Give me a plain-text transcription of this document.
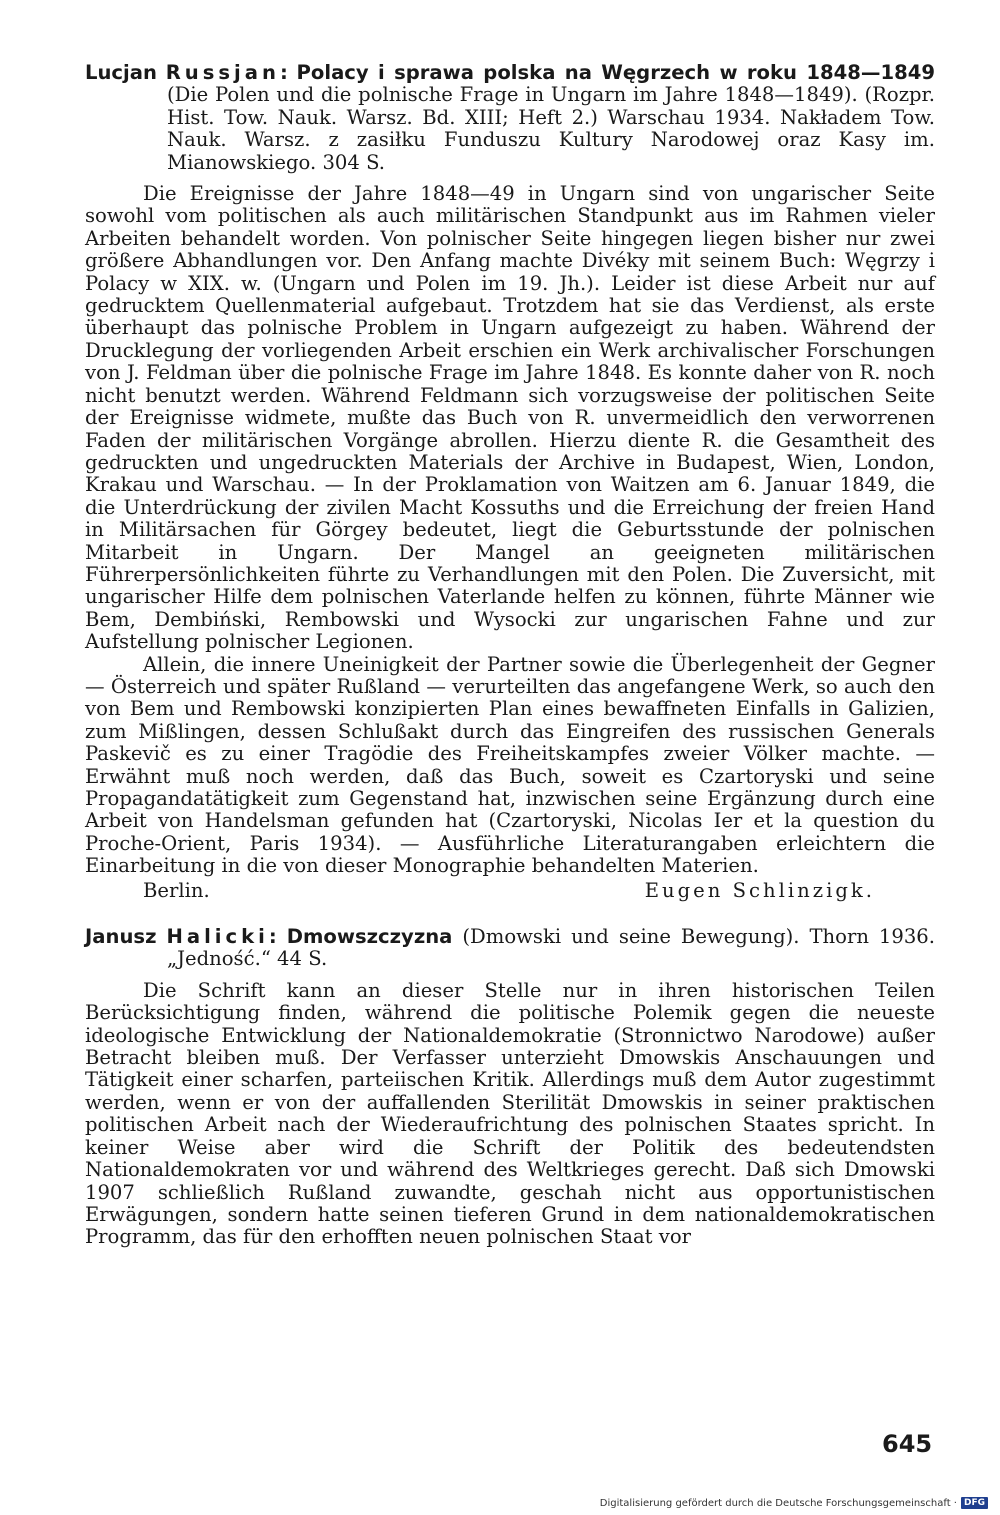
Lucjan Russjan: Polacy i sprawa polska na Węgrzech w roku 1848—1849 (Die Polen und die polnische Frage in Ungarn im Jahre 1848—1849). (Rozpr. Hist. Tow. Nauk. Warsz. Bd. XIII; Heft 2.) Warschau 1934. Nakładem Tow. Nauk. Warsz. z zasiłku Funduszu Kultury Narodowej oraz Kasy im. Mianowskiego. 304 S.

Die Ereignisse der Jahre 1848—49 in Ungarn sind von ungarischer Seite sowohl vom politischen als auch militärischen Standpunkt aus im Rahmen vieler Arbeiten behandelt worden. Von polnischer Seite hingegen liegen bisher nur zwei größere Abhandlungen vor. Den Anfang machte Divéky mit seinem Buch: Węgrzy i Polacy w XIX. w. (Ungarn und Polen im 19. Jh.). Leider ist diese Arbeit nur auf gedrucktem Quellenmaterial aufgebaut. Trotzdem hat sie das Verdienst, als erste überhaupt das polnische Problem in Ungarn aufgezeigt zu haben. Während der Drucklegung der vorliegenden Arbeit erschien ein Werk archivalischer Forschungen von J. Feldman über die polnische Frage im Jahre 1848. Es konnte daher von R. noch nicht benutzt werden. Während Feldmann sich vorzugsweise der politischen Seite der Ereignisse widmete, mußte das Buch von R. unvermeidlich den verworrenen Faden der militärischen Vorgänge abrollen. Hierzu diente R. die Gesamtheit des gedruckten und ungedruckten Materials der Archive in Budapest, Wien, London, Krakau und Warschau. — In der Proklamation von Waitzen am 6. Januar 1849, die die Unterdrückung der zivilen Macht Kossuths und die Erreichung der freien Hand in Militärsachen für Görgey bedeutet, liegt die Geburtsstunde der polnischen Mitarbeit in Ungarn. Der Mangel an geeigneten militärischen Führerpersönlichkeiten führte zu Verhandlungen mit den Polen. Die Zuversicht, mit ungarischer Hilfe dem polnischen Vaterlande helfen zu können, führte Männer wie Bem, Dembiński, Rembowski und Wysocki zur ungarischen Fahne und zur Aufstellung polnischer Legionen.

Allein, die innere Uneinigkeit der Partner sowie die Überlegenheit der Gegner — Österreich und später Rußland — verurteilten das angefangene Werk, so auch den von Bem und Rembowski konzipierten Plan eines bewaffneten Einfalls in Galizien, zum Mißlingen, dessen Schlußakt durch das Eingreifen des russischen Generals Paskevič es zu einer Tragödie des Freiheitskampfes zweier Völker machte. — Erwähnt muß noch werden, daß das Buch, soweit es Czartoryski und seine Propagandatätigkeit zum Gegenstand hat, inzwischen seine Ergänzung durch eine Arbeit von Handelsman gefunden hat (Czartoryski, Nicolas Ier et la question du Proche-Orient, Paris 1934). — Ausführliche Literaturangaben erleichtern die Einarbeitung in die von dieser Monographie behandelten Materien.

Berlin.	Eugen Schlinzigk.

Janusz Halicki: Dmowszczyzna (Dmowski und seine Bewegung). Thorn 1936. „Jedność.“ 44 S.

Die Schrift kann an dieser Stelle nur in ihren historischen Teilen Berücksichtigung finden, während die politische Polemik gegen die neueste ideologische Entwicklung der Nationaldemokratie (Stronnictwo Narodowe) außer Betracht bleiben muß. Der Verfasser unterzieht Dmowskis Anschauungen und Tätigkeit einer scharfen, parteiischen Kritik. Allerdings muß dem Autor zugestimmt werden, wenn er von der auffallenden Sterilität Dmowskis in seiner praktischen politischen Arbeit nach der Wiederaufrichtung des polnischen Staates spricht. In keiner Weise aber wird die Schrift der Politik des bedeutendsten Nationaldemokraten vor und während des Weltkrieges gerecht. Daß sich Dmowski 1907 schließlich Rußland zuwandte, geschah nicht aus opportunistischen Erwägungen, sondern hatte seinen tieferen Grund in dem nationaldemokratischen Programm, das für den erhofften neuen polnischen Staat vor

645
Digitalisierung gefördert durch die Deutsche Forschungsgemeinschaft · DFG
